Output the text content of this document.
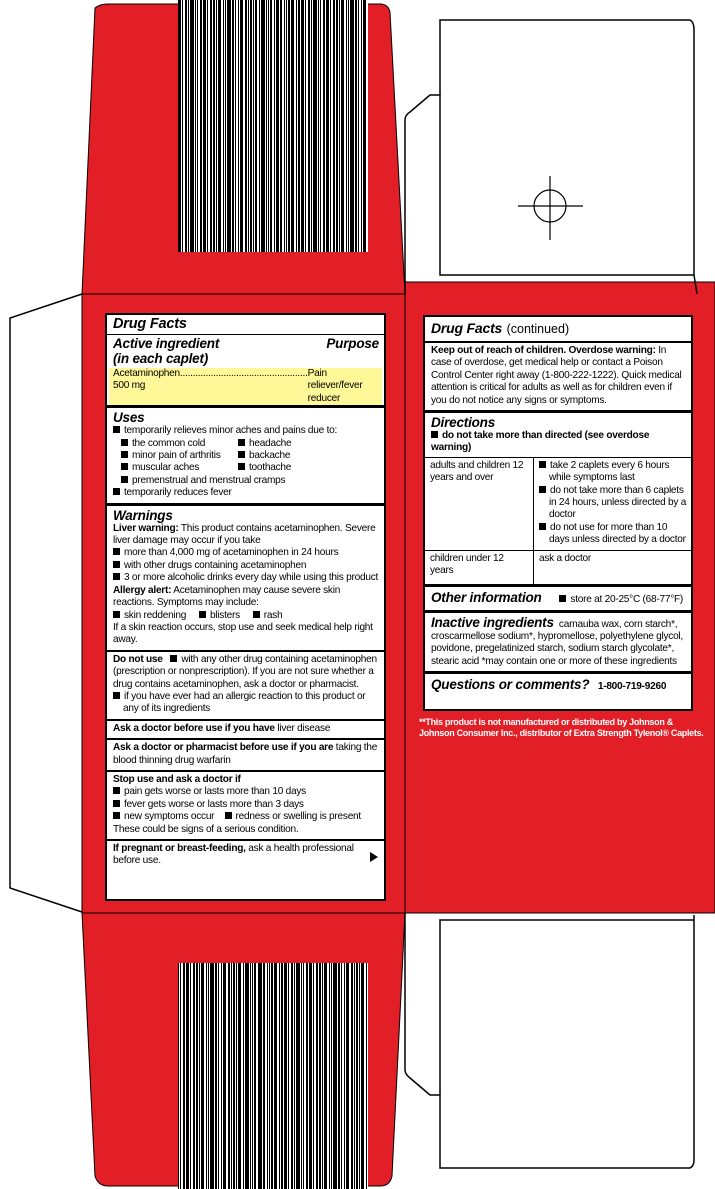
Drug Facts
Active ingredient
(in each caplet)
Purpose
Acetaminophen 500 mg
.................................................. Pain reliever/fever reducer
Uses
temporarily relieves minor aches and pains due to:
the common cold	headache
minor pain of arthritis	backache
muscular aches	toothache
premenstrual and menstrual cramps
temporarily reduces fever
Warnings
Liver warning: This product contains acetaminophen. Severe liver damage may occur if you take
more than 4,000 mg of acetaminophen in 24 hours
with other drugs containing acetaminophen
3 or more alcoholic drinks every day while using this product
Allergy alert: Acetaminophen may cause severe skin reactions. Symptoms may include:
skin reddening blisters rash
If a skin reaction occurs, stop use and seek medical help right away.
Do not use with any other drug containing acetaminophen (prescription or nonprescription). If you are not sure whether a drug contains acetaminophen, ask a doctor or pharmacist.
if you have ever had an allergic reaction to this product or any of its ingredients
Ask a doctor before use if you have liver disease
Ask a doctor or pharmacist before use if you are taking the blood thinning drug warfarin
Stop use and ask a doctor if
pain gets worse or lasts more than 10 days
fever gets worse or lasts more than 3 days
new symptoms occur redness or swelling is present
These could be signs of a serious condition.
If pregnant or breast-feeding, ask a health professional before use.
Drug Facts (continued)
Keep out of reach of children. Overdose warning: In case of overdose, get medical help or contact a Poison Control Center right away (1-800-222-1222). Quick medical attention is critical for adults as well as for children even if you do not notice any signs or symptoms.
Directions
do not take more than directed (see overdose warning)
adults and children 12 years and over
take 2 caplets every 6 hours while symptoms last
do not take more than 6 caplets in 24 hours, unless directed by a doctor
do not use for more than 10 days unless directed by a doctor
children under 12 years
ask a doctor
Other information	store at 20-25°C (68-77°F)
Inactive ingredients carnauba wax, corn starch*, croscarmellose sodium*, hypromellose, polyethylene glycol, povidone, pregelatinized starch, sodium starch glycolate*, stearic acid *may contain one or more of these ingredients
Questions or comments? 1-800-719-9260
**This product is not manufactured or distributed by Johnson & Johnson Consumer Inc., distributor of Extra Strength Tylenol® Caplets.
